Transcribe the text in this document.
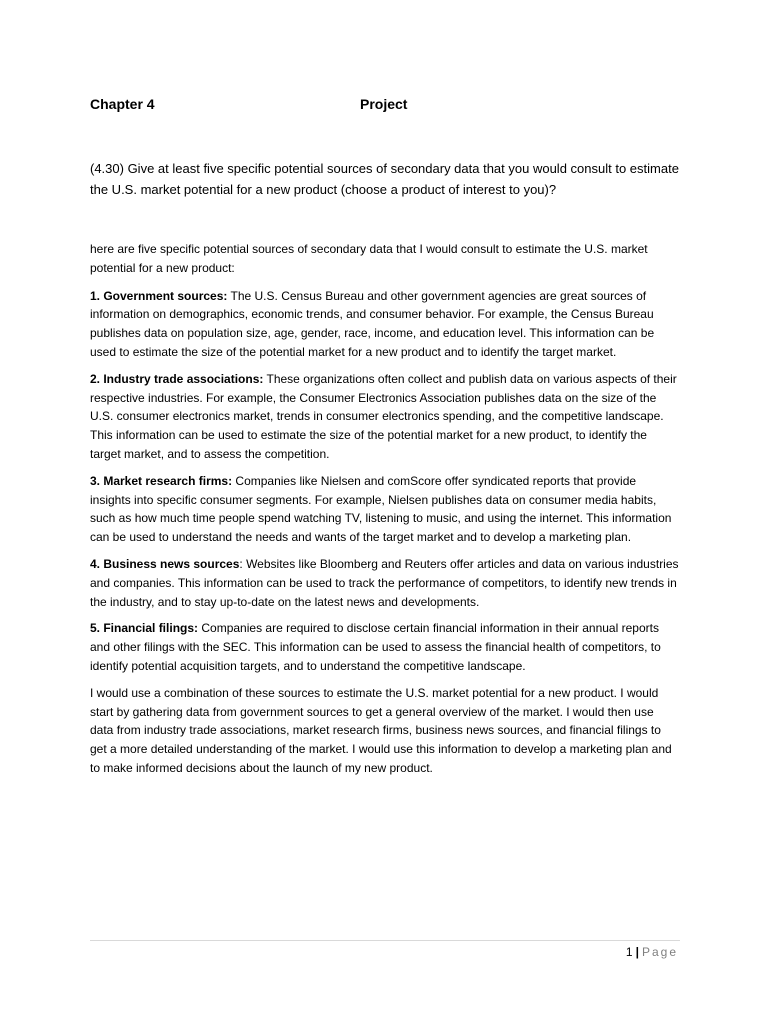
Chapter 4	Project
(4.30) Give at least five specific potential sources of secondary data that you would consult to estimate the U.S. market potential for a new product (choose a product of interest to you)?

here are five specific potential sources of secondary data that I would consult to estimate the U.S. market potential for a new product:

1. Government sources: The U.S. Census Bureau and other government agencies are great sources of information on demographics, economic trends, and consumer behavior. For example, the Census Bureau publishes data on population size, age, gender, race, income, and education level. This information can be used to estimate the size of the potential market for a new product and to identify the target market.

2. Industry trade associations: These organizations often collect and publish data on various aspects of their respective industries. For example, the Consumer Electronics Association publishes data on the size of the U.S. consumer electronics market, trends in consumer electronics spending, and the competitive landscape. This information can be used to estimate the size of the potential market for a new product, to identify the target market, and to assess the competition.

3. Market research firms: Companies like Nielsen and comScore offer syndicated reports that provide insights into specific consumer segments. For example, Nielsen publishes data on consumer media habits, such as how much time people spend watching TV, listening to music, and using the internet. This information can be used to understand the needs and wants of the target market and to develop a marketing plan.

4. Business news sources: Websites like Bloomberg and Reuters offer articles and data on various industries and companies. This information can be used to track the performance of competitors, to identify new trends in the industry, and to stay up-to-date on the latest news and developments.

5. Financial filings: Companies are required to disclose certain financial information in their annual reports and other filings with the SEC. This information can be used to assess the financial health of competitors, to identify potential acquisition targets, and to understand the competitive landscape.

I would use a combination of these sources to estimate the U.S. market potential for a new product. I would start by gathering data from government sources to get a general overview of the market. I would then use data from industry trade associations, market research firms, business news sources, and financial filings to get a more detailed understanding of the market. I would use this information to develop a marketing plan and to make informed decisions about the launch of my new product.

1 | Page
